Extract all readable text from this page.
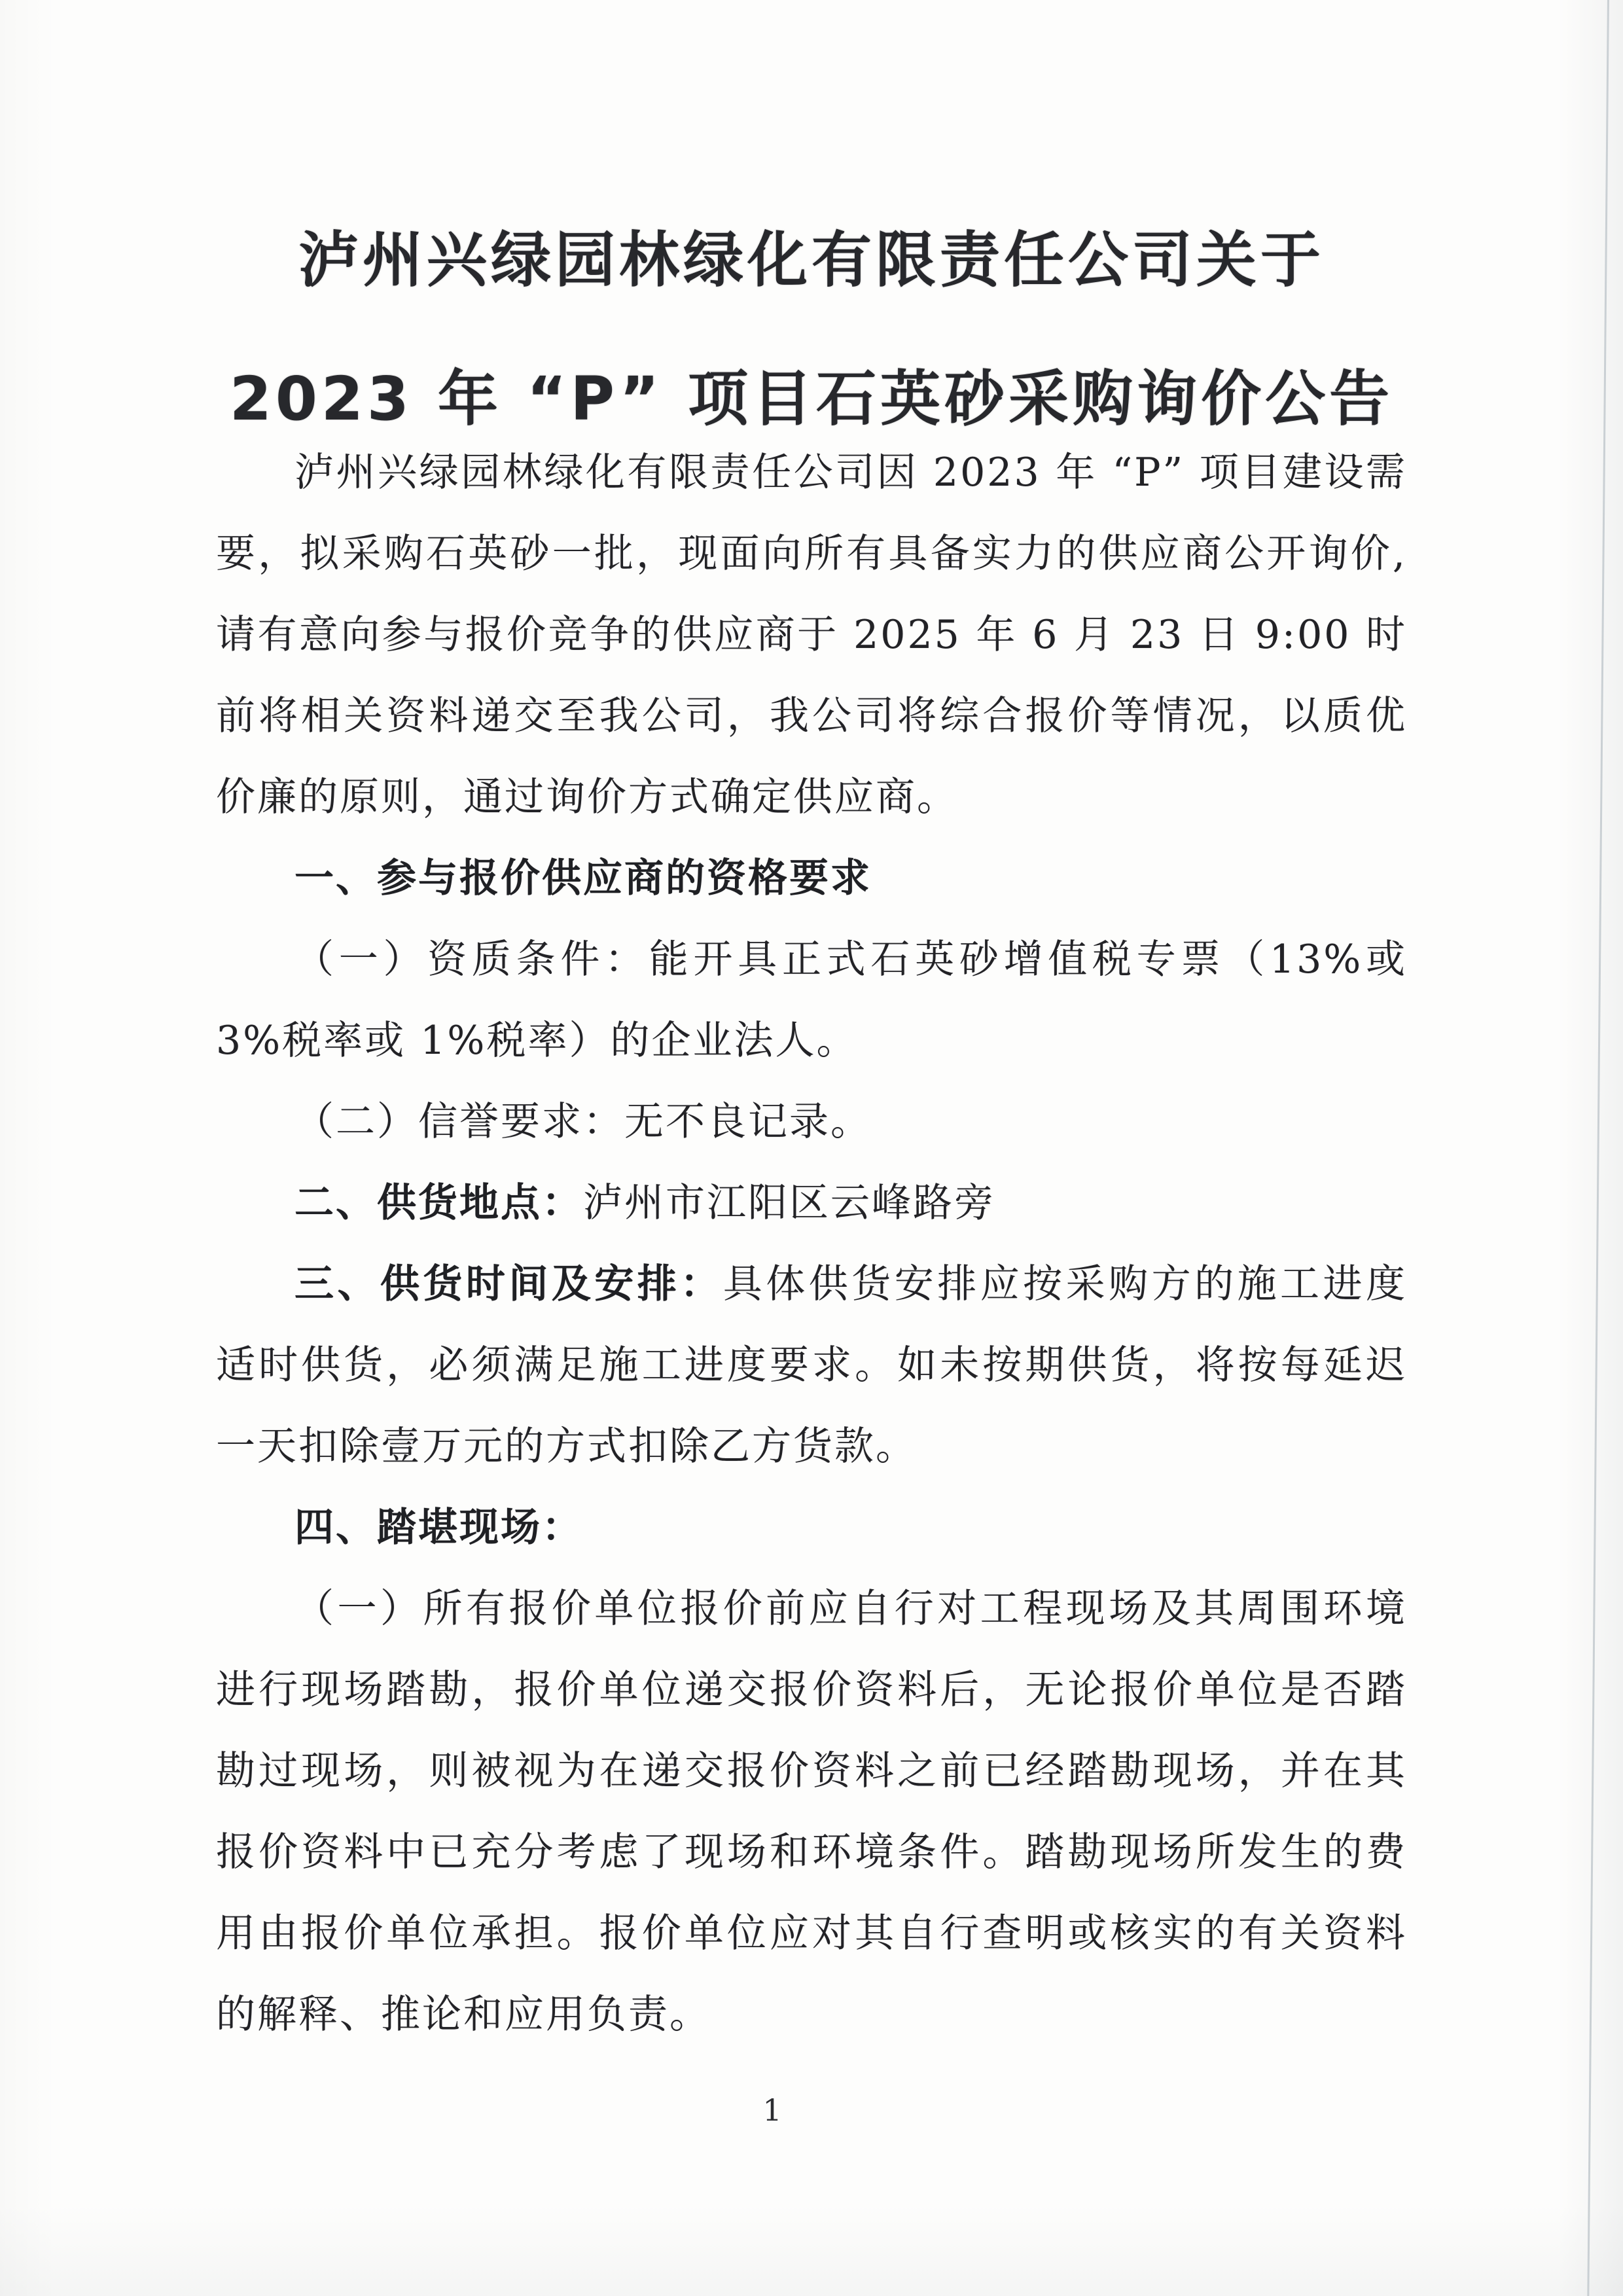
泸州兴绿园林绿化有限责任公司关于
2023 年 “P” 项目石英砂采购询价公告

泸州兴绿园林绿化有限责任公司因 2023 年 “P” 项目建设需要，拟采购石英砂一批，现面向所有具备实力的供应商公开询价,请有意向参与报价竞争的供应商于 2025 年 6 月 23 日 9:00 时前将相关资料递交至我公司，我公司将综合报价等情况，以质优价廉的原则，通过询价方式确定供应商。

一、参与报价供应商的资格要求

（一）资质条件：能开具正式石英砂增值税专票（13%或 3%税率或 1%税率）的企业法人。

（二）信誉要求：无不良记录。

二、供货地点：泸州市江阳区云峰路旁

三、供货时间及安排：具体供货安排应按采购方的施工进度适时供货，必须满足施工进度要求。如未按期供货，将按每延迟一天扣除壹万元的方式扣除乙方货款。

四、踏堪现场：

（一）所有报价单位报价前应自行对工程现场及其周围环境进行现场踏勘，报价单位递交报价资料后，无论报价单位是否踏勘过现场，则被视为在递交报价资料之前已经踏勘现场，并在其报价资料中已充分考虑了现场和环境条件。踏勘现场所发生的费用由报价单位承担。报价单位应对其自行查明或核实的有关资料的解释、推论和应用负责。

1
